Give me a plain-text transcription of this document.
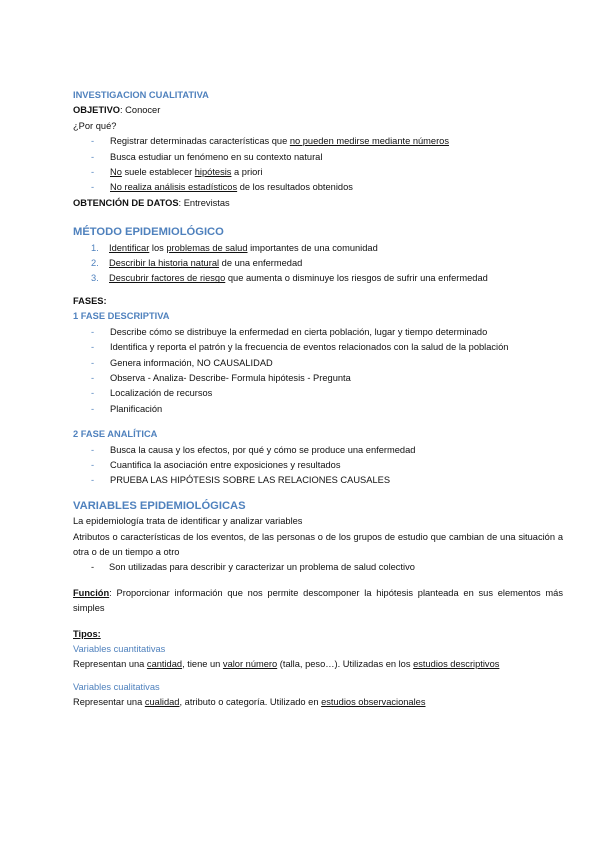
INVESTIGACION CUALITATIVA
OBJETIVO: Conocer
¿Por qué?
- Registrar determinadas características que no pueden medirse mediante números
- Busca estudiar un fenómeno en su contexto natural
- No suele establecer hipótesis a priori
- No realiza análisis estadísticos de los resultados obtenidos
OBTENCIÓN DE DATOS: Entrevistas
MÉTODO EPIDEMIOLÓGICO
1. Identificar los problemas de salud importantes de una comunidad
2. Describir la historia natural de una enfermedad
3. Descubrir factores de riesgo que aumenta o disminuye los riesgos de sufrir una enfermedad
FASES:
1 FASE DESCRIPTIVA
- Describe cómo se distribuye la enfermedad en cierta población, lugar y tiempo determinado
- Identifica y reporta el patrón y la frecuencia de eventos relacionados con la salud de la población
- Genera información, NO CAUSALIDAD
- Observa - Analiza- Describe- Formula hipótesis - Pregunta
- Localización de recursos
- Planificación
2 FASE ANALÍTICA
- Busca la causa y los efectos, por qué y cómo se produce una enfermedad
- Cuantifica la asociación entre exposiciones y resultados
- PRUEBA LAS HIPÓTESIS SOBRE LAS RELACIONES CAUSALES
VARIABLES EPIDEMIOLÓGICAS
La epidemiología trata de identificar y analizar variables
Atributos o características de los eventos, de las personas o de los grupos de estudio que cambian de una situación a otra o de un tiempo a otro
- Son utilizadas para describir y caracterizar un problema de salud colectivo
Función: Proporcionar información que nos permite descomponer la hipótesis planteada en sus elementos más simples
Tipos:
Variables cuantitativas
Representan una cantidad, tiene un valor número (talla, peso…). Utilizadas en los estudios descriptivos
Variables cualitativas
Representar una cualidad, atributo o categoría. Utilizado en estudios observacionales
